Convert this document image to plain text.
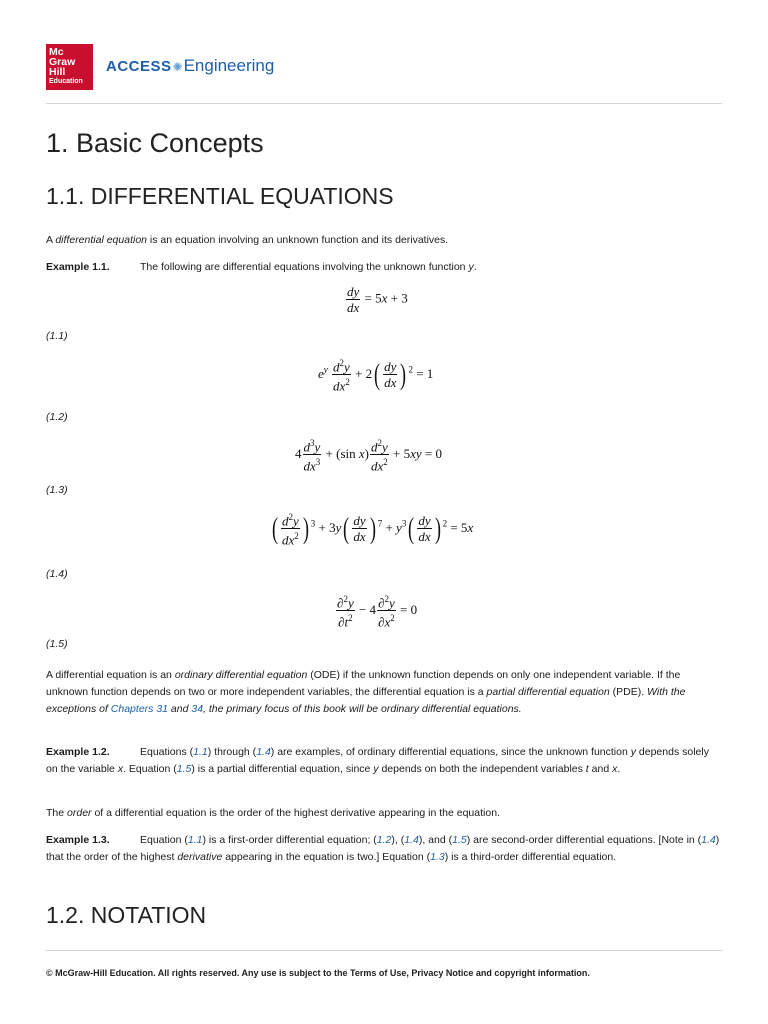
Mc
Graw
Hill
Education
ACCESS✺Engineering
1. Basic Concepts
1.1. DIFFERENTIAL EQUATIONS

A differential equation is an equation involving an unknown function and its derivatives.

Example 1.1.	The following are differential equations involving the unknown function y.

$\frac{dy}{dx} = 5x + 3$
(1.1)
$e^y \frac{d^2y}{dx^2} + 2( \frac{dy}{dx}$ ) $^2$ = 1
(1.2)
$4 \frac{d^3y}{dx^3} + (\sin$ $x) \frac{d^2y}{dx^2} + 5xy = 0$
(1.3)
( $\frac{d^2y}{dx^2}$ ) $^3 + 3y( \frac{dy}{dx}$ ) $^7 + y^3( \frac{dy}{dx}$ ) $^2$ = 5x
(1.4)
$\frac{\partial^2y}{\partial t^2} - 4 \frac{\partial^2y}{\partial x^2} = 0$
(1.5)

A differential equation is an ordinary differential equation (ODE) if the unknown function depends on only one independent variable. If the unknown function depends on two or more independent variables, the differential equation is a partial differential equation (PDE). With the exceptions of Chapters 31 and 34, the primary focus of this book will be ordinary differential equations.

Example 1.2.	Equations (1.1) through (1.4) are examples, of ordinary differential equations, since the unknown function y depends solely on the variable x. Equation (1.5) is a partial differential equation, since y depends on both the independent variables t and x.

The order of a differential equation is the order of the highest derivative appearing in the equation.

Example 1.3.	Equation (1.1) is a first-order differential equation; (1.2), (1.4), and (1.5) are second-order differential equations. [Note in (1.4) that the order of the highest derivative appearing in the equation is two.] Equation (1.3) is a third-order differential equation.

1.2. NOTATION
© McGraw-Hill Education. All rights reserved. Any use is subject to the Terms of Use, Privacy Notice and copyright information.
